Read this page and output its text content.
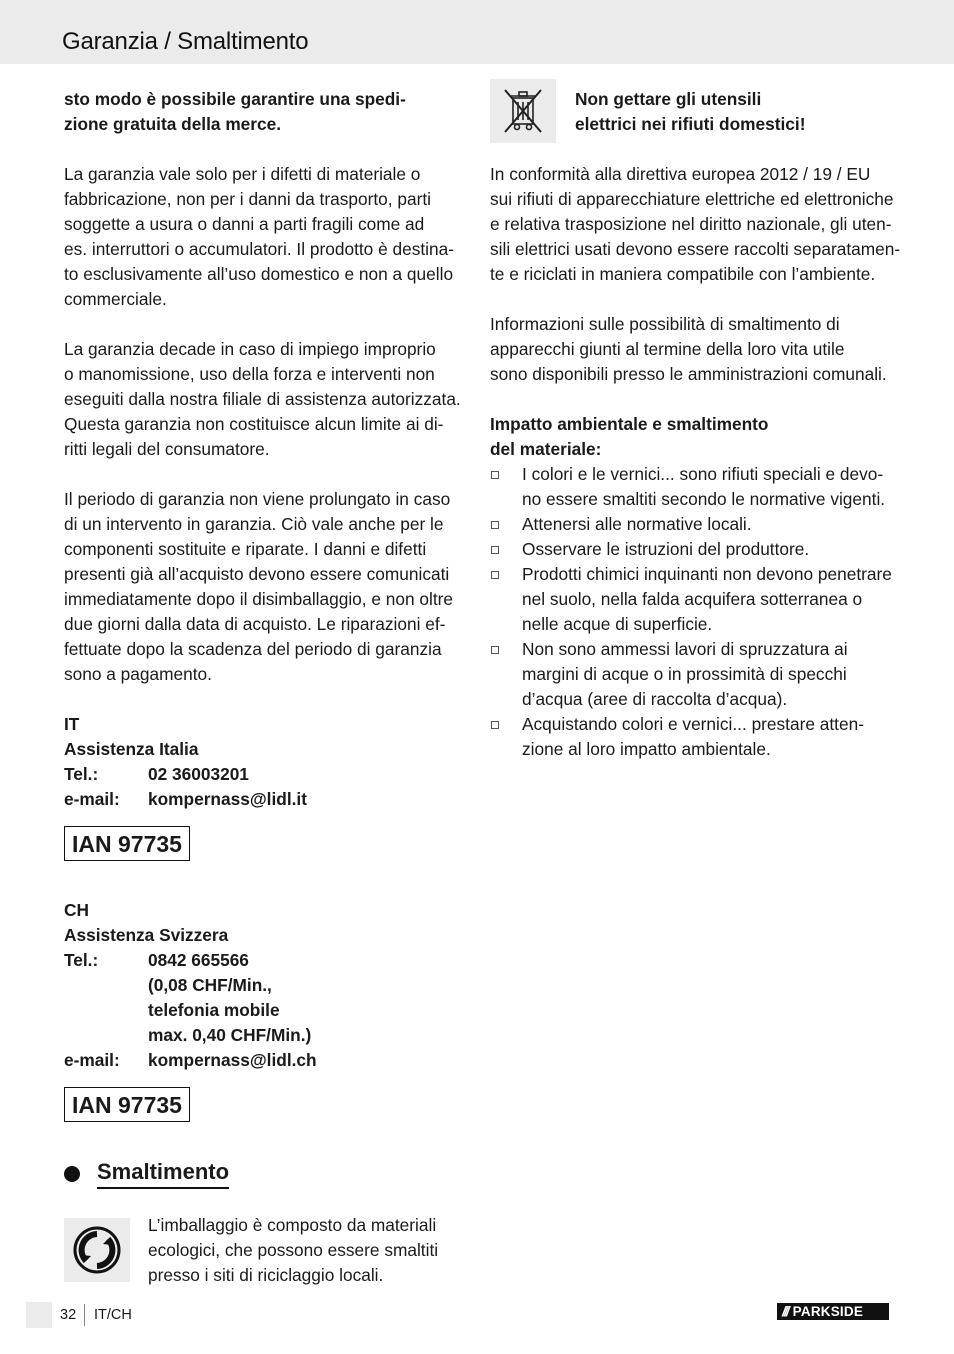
Garanzia / Smaltimento
sto modo è possibile garantire una spedi-
zione gratuita della merce.
La garanzia vale solo per i difetti di materiale o
fabbricazione, non per i danni da trasporto, parti
soggette a usura o danni a parti fragili come ad
es. interruttori o accumulatori. Il prodotto è destina-
to esclusivamente all’uso domestico e non a quello
commerciale.
La garanzia decade in caso di impiego improprio
o manomissione, uso della forza e interventi non
eseguiti dalla nostra filiale di assistenza autorizzata.
Questa garanzia non costituisce alcun limite ai di-
ritti legali del consumatore.
Il periodo di garanzia non viene prolungato in caso
di un intervento in garanzia. Ciò vale anche per le
componenti sostituite e riparate. I danni e difetti
presenti già all’acquisto devono essere comunicati
immediatamente dopo il disimballaggio, e non oltre
due giorni dalla data di acquisto. Le riparazioni ef-
fettuate dopo la scadenza del periodo di garanzia
sono a pagamento.
IT
Assistenza Italia
Tel.:	02 36003201
e-mail:	kompernass@lidl.it
IAN 97735
CH
Assistenza Svizzera
Tel.:	0842 665566
(0,08 CHF/Min.,
telefonia mobile
max. 0,40 CHF/Min.)
e-mail:	kompernass@lidl.ch
IAN 97735
Smaltimento
L’imballaggio è composto da materiali
ecologici, che possono essere smaltiti
presso i siti di riciclaggio locali.
Non gettare gli utensili
elettrici nei rifiuti domestici!
In conformità alla direttiva europea 2012 / 19 / EU
sui rifiuti di apparecchiature elettriche ed elettroniche
e relativa trasposizione nel diritto nazionale, gli uten-
sili elettrici usati devono essere raccolti separatamen-
te e riciclati in maniera compatibile con l’ambiente.
Informazioni sulle possibilità di smaltimento di
apparecchi giunti al termine della loro vita utile
sono disponibili presso le amministrazioni comunali.
Impatto ambientale e smaltimento
del materiale:
I colori e le vernici... sono rifiuti speciali e devo-
no essere smaltiti secondo le normative vigenti.
Attenersi alle normative locali.
Osservare le istruzioni del produttore.
Prodotti chimici inquinanti non devono penetrare
nel suolo, nella falda acquifera sotterranea o
nelle acque di superficie.
Non sono ammessi lavori di spruzzatura ai
margini di acque o in prossimità di specchi
d’acqua (aree di raccolta d’acqua).
Acquistando colori e vernici... prestare atten-
zione al loro impatto ambientale.
32 IT/CH	/// PARKSIDE
